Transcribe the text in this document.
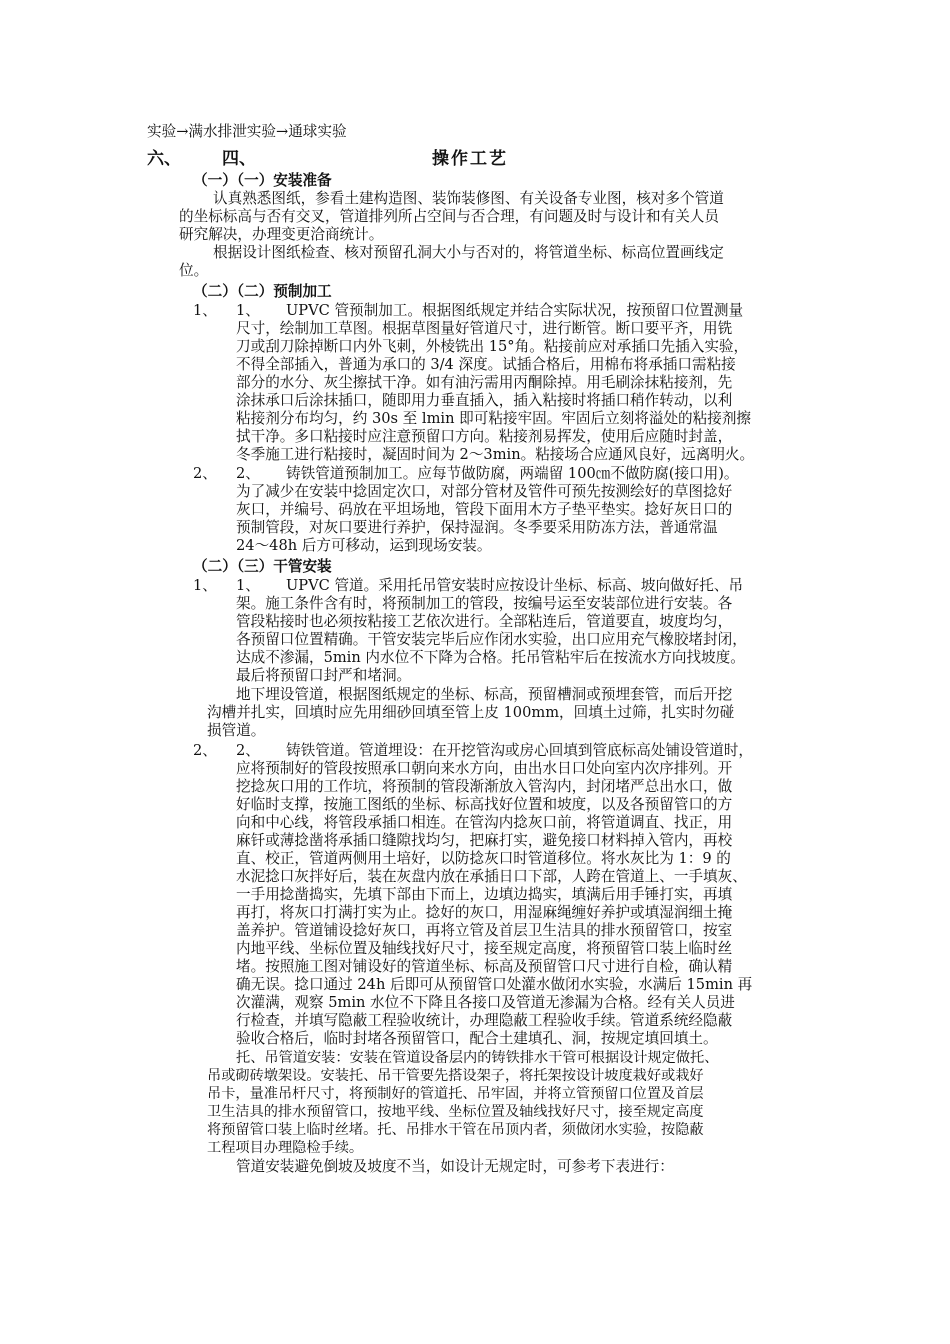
实验→满水排泄实验→通球实验
六、 四、	操作工艺
（一）（一）安装准备
认真熟悉图纸，参看土建构造图、装饰装修图、有关设备专业图，核对多个管道
的坐标标高与否有交叉，管道排列所占空间与否合理，有问题及时与设计和有关人员
研究解决，办理变更洽商统计。
根据设计图纸检查、核对预留孔洞大小与否对的，将管道坐标、标高位置画线定
位。
（二）（二）预制加工
1、 1、 UPVC 管预制加工。根据图纸规定并结合实际状况，按预留口位置测量
尺寸，绘制加工草图。根据草图量好管道尺寸，进行断管。断口要平齐，用铣
刀或刮刀除掉断口内外飞刺，外棱铣出 15°角。粘接前应对承插口先插入实验，
不得全部插入，普通为承口的 3/4 深度。试插合格后，用棉布将承插口需粘接
部分的水分、灰尘擦拭干净。如有油污需用丙酮除掉。用毛刷涂抹粘接剂，先
涂抹承口后涂抹插口，随即用力垂直插入，插入粘接时将插口稍作转动，以利
粘接剂分布均匀，约 30s 至 lmin 即可粘接牢固。牢固后立刻将溢处的粘接剂擦
拭干净。多口粘接时应注意预留口方向。粘接剂易挥发，使用后应随时封盖，
冬季施工进行粘接时，凝固时间为 2～3min。粘接场合应通风良好，远离明火。
2、 2、 铸铁管道预制加工。应每节做防腐，两端留 100㎝不做防腐(接口用)。
为了减少在安装中捻固定次口，对部分管材及管件可预先按测绘好的草图捻好
灰口，并编号、码放在平坦场地，管段下面用木方子垫平垫实。捻好灰日口的
预制管段，对灰口要进行养护，保持湿润。冬季要采用防冻方法，普通常温
24～48h 后方可移动，运到现场安装。
（二）（三）干管安装
1、 1、 UPVC 管道。采用托吊管安装时应按设计坐标、标高、坡向做好托、吊
架。施工条件含有时，将预制加工的管段，按编号运至安装部位进行安装。各
管段粘接时也必须按粘接工艺依次进行。全部粘连后，管道要直，坡度均匀，
各预留口位置精确。干管安装完毕后应作闭水实验，出口应用充气橡胶堵封闭，
达成不渗漏，5min 内水位不下降为合格。托吊管粘牢后在按流水方向找坡度。
最后将预留口封严和堵洞。
地下埋设管道，根据图纸规定的坐标、标高，预留槽洞或预埋套管，而后开挖
沟槽并扎实，回填时应先用细砂回填至管上皮 100mm，回填土过筛，扎实时勿碰
损管道。
2、 2、 铸铁管道。管道埋设：在开挖管沟或房心回填到管底标高处铺设管道时，
应将预制好的管段按照承口朝向来水方向，由出水日口处向室内次序排列。开
挖捻灰口用的工作坑，将预制的管段渐渐放入管沟内，封闭堵严总出水口，做
好临时支撑，按施工图纸的坐标、标高找好位置和坡度，以及各预留管口的方
向和中心线，将管段承插口相连。在管沟内捻灰口前，将管道调直、找正，用
麻钎或薄捻凿将承插口缝隙找均匀，把麻打实，避免接口材料掉入管内，再校
直、校正，管道两侧用土培好，以防捻灰口时管道移位。将水灰比为 1：9 的
水泥捻口灰拌好后，装在灰盘内放在承插日口下部，人跨在管道上、一手填灰、
一手用捻凿捣实，先填下部由下而上，边填边捣实，填满后用手锤打实，再填
再打，将灰口打满打实为止。捻好的灰口，用湿麻绳缠好养护或填湿润细土掩
盖养护。管道铺设捻好灰口，再将立管及首层卫生洁具的排水预留管口，按室
内地平线、坐标位置及轴线找好尺寸，接至规定高度，将预留管口装上临时丝
堵。按照施工图对铺设好的管道坐标、标高及预留管口尺寸进行自检，确认精
确无误。捻口通过 24h 后即可从预留管口处灌水做闭水实验，水满后 15min 再
次灌满，观察 5min 水位不下降且各接口及管道无渗漏为合格。经有关人员进
行检查，并填写隐蔽工程验收统计，办理隐蔽工程验收手续。管道系统经隐蔽
验收合格后，临时封堵各预留管口，配合土建填孔、洞，按规定填回填土。
托、吊管道安装：安装在管道设备层内的铸铁排水干管可根据设计规定做托、
吊或砌砖墩架设。安装托、吊干管要先搭设架子，将托架按设计坡度栽好或栽好
吊卡，量准吊杆尺寸，将预制好的管道托、吊牢固，并将立管预留口位置及首层
卫生洁具的排水预留管口，按地平线、坐标位置及轴线找好尺寸，接至规定高度
将预留管口装上临时丝堵。托、吊排水干管在吊顶内者，须做闭水实验，按隐蔽
工程项目办理隐检手续。
管道安装避免倒坡及坡度不当，如设计无规定时，可参考下表进行：
